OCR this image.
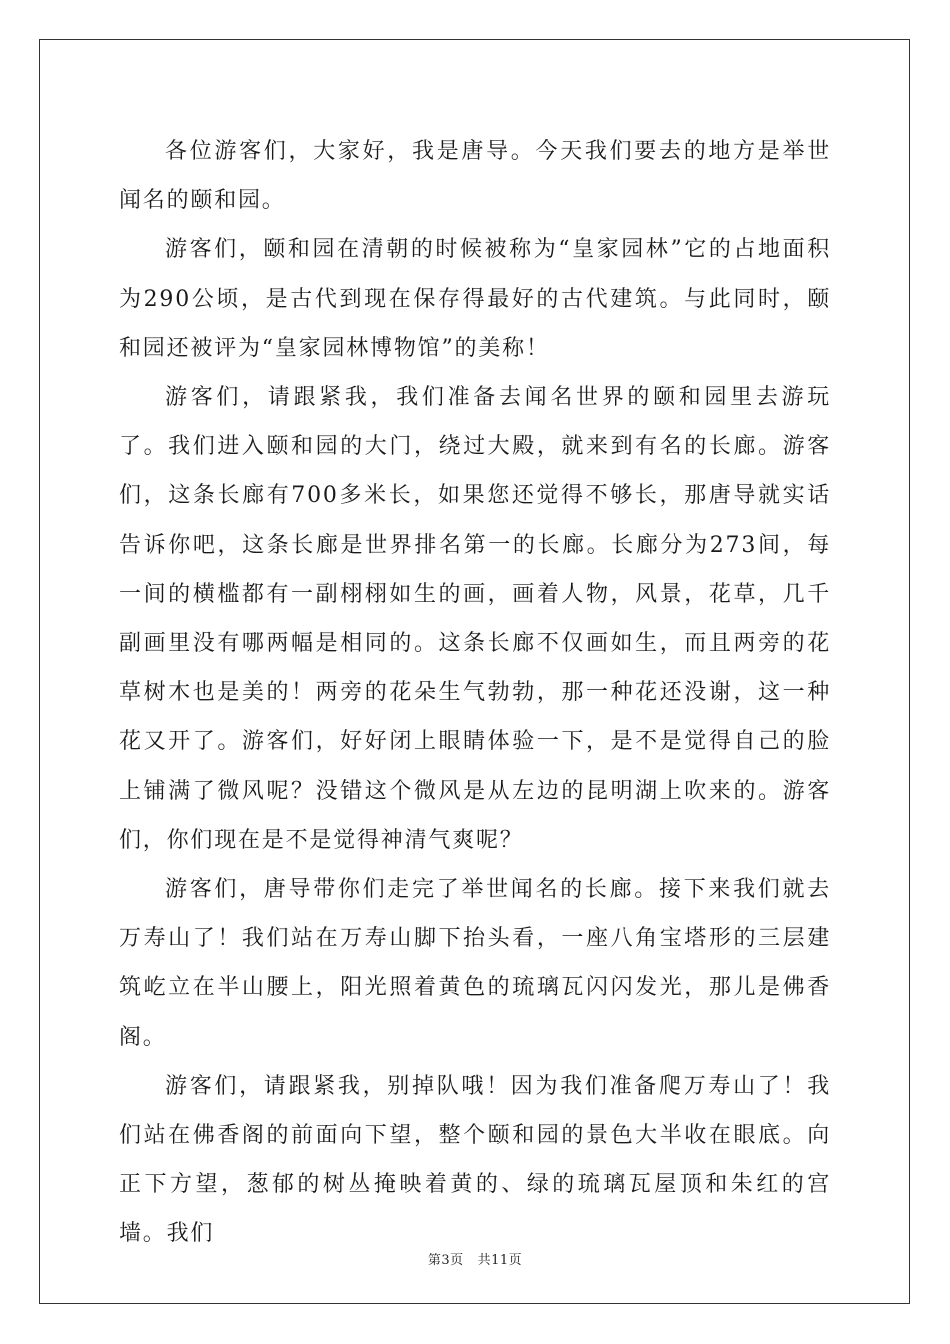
各位游客们，大家好，我是唐导。今天我们要去的地方是举世闻名的颐和园。

游客们，颐和园在清朝的时候被称为“皇家园林”它的占地面积为290公顷，是古代到现在保存得最好的古代建筑。与此同时，颐和园还被评为“皇家园林博物馆”的美称！

游客们，请跟紧我，我们准备去闻名世界的颐和园里去游玩了。我们进入颐和园的大门，绕过大殿，就来到有名的长廊。游客们，这条长廊有700多米长，如果您还觉得不够长，那唐导就实话告诉你吧，这条长廊是世界排名第一的长廊。长廊分为273间，每一间的横槛都有一副栩栩如生的画，画着人物，风景，花草，几千副画里没有哪两幅是相同的。这条长廊不仅画如生，而且两旁的花草树木也是美的！两旁的花朵生气勃勃，那一种花还没谢，这一种花又开了。游客们，好好闭上眼睛体验一下，是不是觉得自己的脸上铺满了微风呢？没错这个微风是从左边的昆明湖上吹来的。游客们，你们现在是不是觉得神清气爽呢？

游客们，唐导带你们走完了举世闻名的长廊。接下来我们就去万寿山了！我们站在万寿山脚下抬头看，一座八角宝塔形的三层建筑屹立在半山腰上，阳光照着黄色的琉璃瓦闪闪发光，那儿是佛香阁。

游客们，请跟紧我，别掉队哦！因为我们准备爬万寿山了！我们站在佛香阁的前面向下望，整个颐和园的景色大半收在眼底。向正下方望，葱郁的树丛掩映着黄的、绿的琉璃瓦屋顶和朱红的宫墙。我们

第3页 共11页
